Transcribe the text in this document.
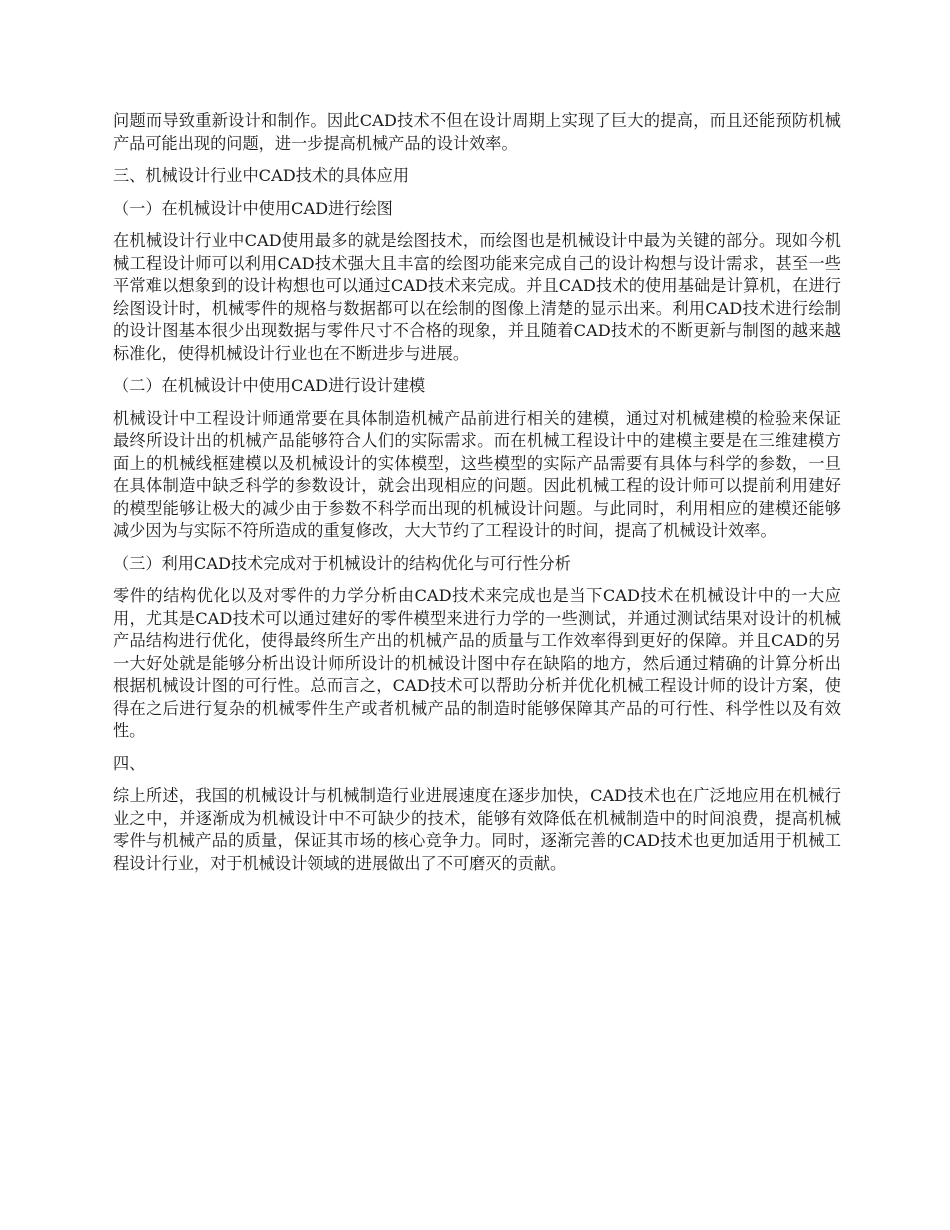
问题而导致重新设计和制作。因此CAD技术不但在设计周期上实现了巨大的提高，而且还能预防机械产品可能出现的问题，进一步提高机械产品的设计效率。

三、机械设计行业中CAD技术的具体应用

（一）在机械设计中使用CAD进行绘图

在机械设计行业中CAD使用最多的就是绘图技术，而绘图也是机械设计中最为关键的部分。现如今机械工程设计师可以利用CAD技术强大且丰富的绘图功能来完成自己的设计构想与设计需求，甚至一些平常难以想象到的设计构想也可以通过CAD技术来完成。并且CAD技术的使用基础是计算机，在进行绘图设计时，机械零件的规格与数据都可以在绘制的图像上清楚的显示出来。利用CAD技术进行绘制的设计图基本很少出现数据与零件尺寸不合格的现象，并且随着CAD技术的不断更新与制图的越来越标准化，使得机械设计行业也在不断进步与进展。

（二）在机械设计中使用CAD进行设计建模

机械设计中工程设计师通常要在具体制造机械产品前进行相关的建模，通过对机械建模的检验来保证最终所设计出的机械产品能够符合人们的实际需求。而在机械工程设计中的建模主要是在三维建模方面上的机械线框建模以及机械设计的实体模型，这些模型的实际产品需要有具体与科学的参数，一旦在具体制造中缺乏科学的参数设计，就会出现相应的问题。因此机械工程的设计师可以提前利用建好的模型能够让极大的减少由于参数不科学而出现的机械设计问题。与此同时，利用相应的建模还能够减少因为与实际不符所造成的重复修改，大大节约了工程设计的时间，提高了机械设计效率。

（三）利用CAD技术完成对于机械设计的结构优化与可行性分析

零件的结构优化以及对零件的力学分析由CAD技术来完成也是当下CAD技术在机械设计中的一大应用，尤其是CAD技术可以通过建好的零件模型来进行力学的一些测试，并通过测试结果对设计的机械产品结构进行优化，使得最终所生产出的机械产品的质量与工作效率得到更好的保障。并且CAD的另一大好处就是能够分析出设计师所设计的机械设计图中存在缺陷的地方，然后通过精确的计算分析出根据机械设计图的可行性。总而言之，CAD技术可以帮助分析并优化机械工程设计师的设计方案，使得在之后进行复杂的机械零件生产或者机械产品的制造时能够保障其产品的可行性、科学性以及有效性。

四、

综上所述，我国的机械设计与机械制造行业进展速度在逐步加快，CAD技术也在广泛地应用在机械行业之中，并逐渐成为机械设计中不可缺少的技术，能够有效降低在机械制造中的时间浪费，提高机械零件与机械产品的质量，保证其市场的核心竞争力。同时，逐渐完善的CAD技术也更加适用于机械工程设计行业，对于机械设计领域的进展做出了不可磨灭的贡献。
